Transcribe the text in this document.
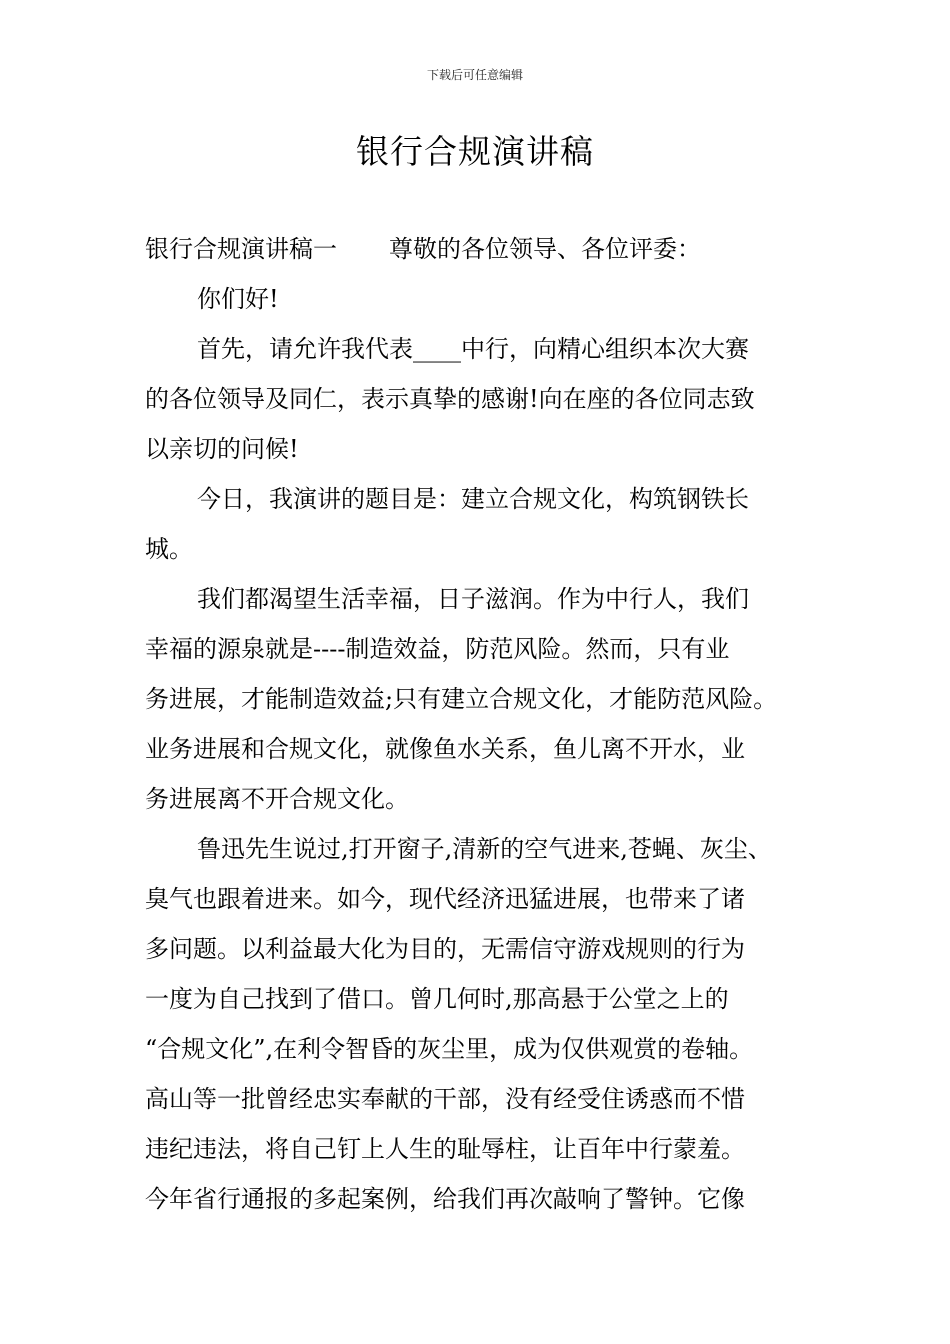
下载后可任意编辑
银行合规演讲稿

银行合规演讲稿一 尊敬的各位领导、各位评委：

你们好!

首先，请允许我代表____中行，向精心组织本次大赛

的各位领导及同仁，表示真挚的感谢!向在座的各位同志致

以亲切的问候!

今日，我演讲的题目是：建立合规文化，构筑钢铁长

城。

我们都渴望生活幸福，日子滋润。作为中行人，我们

幸福的源泉就是----制造效益，防范风险。然而，只有业

务进展，才能制造效益;只有建立合规文化，才能防范风险。

业务进展和合规文化，就像鱼水关系，鱼儿离不开水，业

务进展离不开合规文化。

鲁迅先生说过,打开窗子,清新的空气进来,苍蝇、灰尘、

臭气也跟着进来。如今，现代经济迅猛进展，也带来了诸

多问题。以利益最大化为目的，无需信守游戏规则的行为

一度为自己找到了借口。曾几何时,那高悬于公堂之上的

“合规文化”,在利令智昏的灰尘里，成为仅供观赏的卷轴。

高山等一批曾经忠实奉献的干部，没有经受住诱惑而不惜

违纪违法，将自己钉上人生的耻辱柱，让百年中行蒙羞。

今年省行通报的多起案例，给我们再次敲响了警钟。它像
